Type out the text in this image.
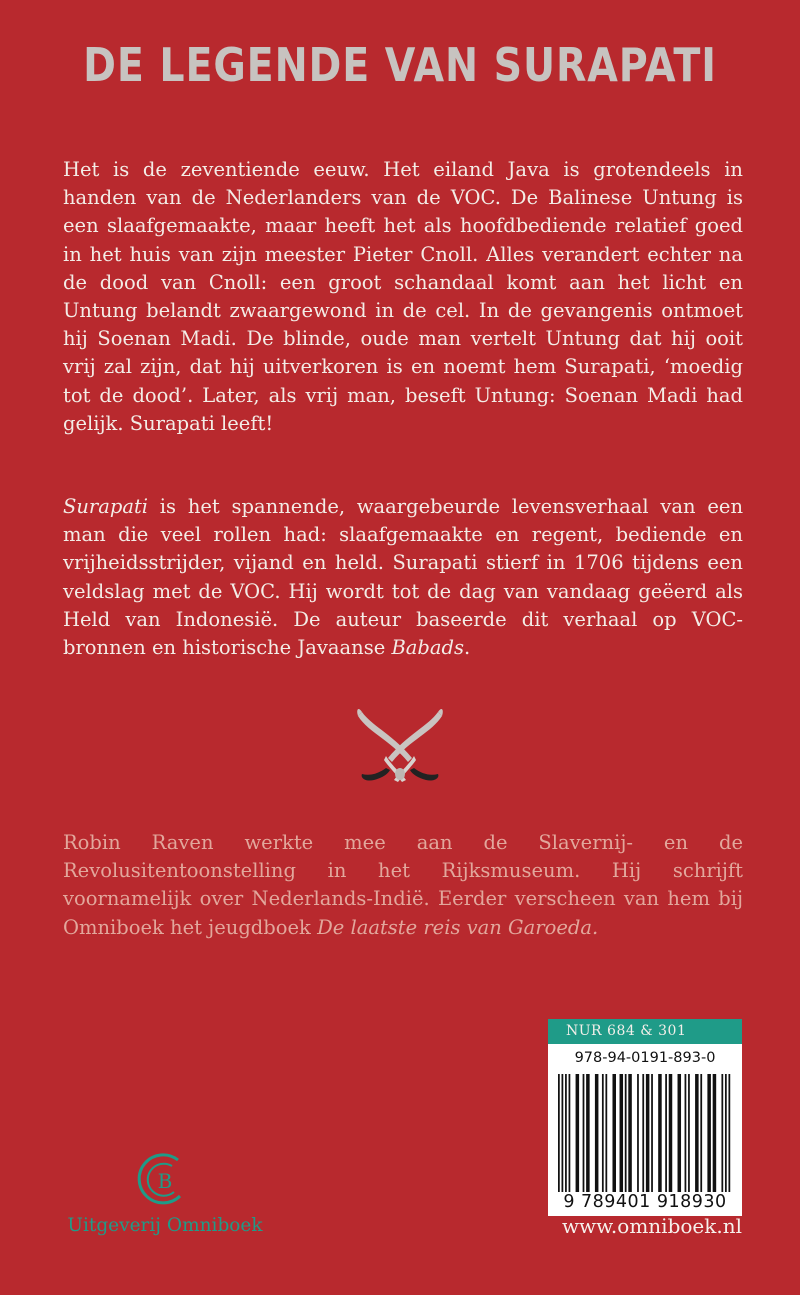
DE LEGENDE VAN SURAPATI

Het is de zeventiende eeuw. Het eiland Java is grotendeels in handen van de Nederlanders van de VOC. De Balinese Untung is een slaafgemaakte, maar heeft het als hoofdbediende relatief goed in het huis van zijn meester Pieter Cnoll. Alles verandert echter na de dood van Cnoll: een groot schandaal komt aan het licht en Untung belandt zwaargewond in de cel. In de gevangenis ontmoet hij Soenan Madi. De blinde, oude man vertelt Untung dat hij ooit vrij zal zijn, dat hij uitverkoren is en noemt hem Surapati, ‘moedig tot de dood’. Later, als vrij man, beseft Untung: Soenan Madi had gelijk. Surapati leeft!

Surapati is het spannende, waargebeurde levensverhaal van een man die veel rollen had: slaafgemaakte en regent, bediende en vrijheidsstrijder, vijand en held. Surapati stierf in 1706 tijdens een veldslag met de VOC. Hij wordt tot de dag van vandaag geëerd als Held van Indonesië. De auteur baseerde dit verhaal op VOC-bronnen en historische Javaanse Babads.

Robin Raven werkte mee aan de Slavernij- en de Revolusitentoonstelling in het Rijksmuseum. Hij schrijft voornamelijk over Nederlands-Indië. Eerder verscheen van hem bij Omniboek het jeugdboek De laatste reis van Garoeda.

NUR 684 & 301
978-94-0191-893-0
9 789401 918930
www.omniboek.nl
B
Uitgeverij Omniboek
